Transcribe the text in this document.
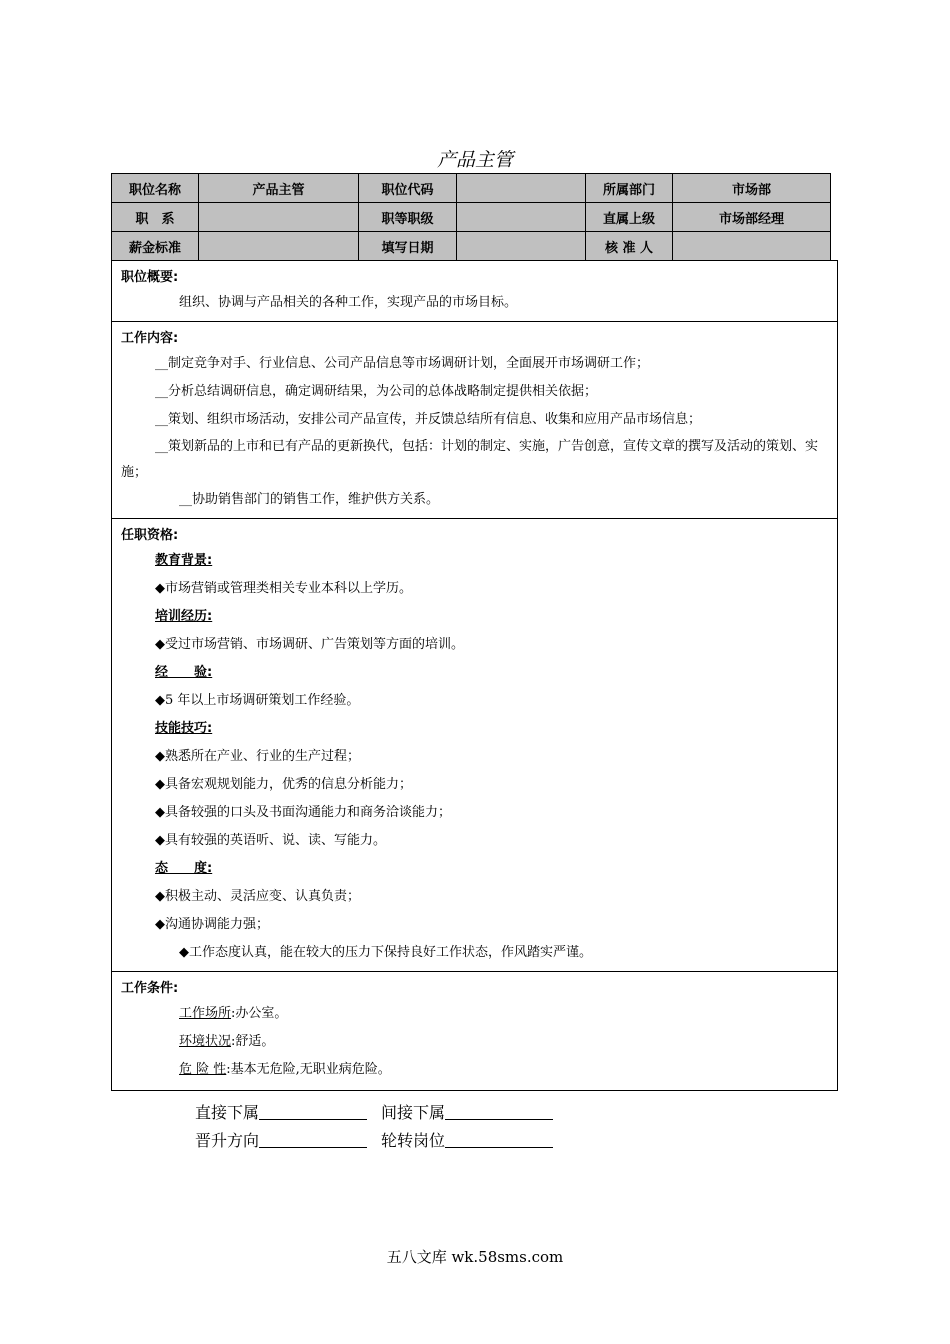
产品主管
职位名称	产品主管	职位代码		所属部门	市场部
职　系		职等职级		直属上级	市场部经理
薪金标准		填写日期		核 准 人	
职位概要:
组织、协调与产品相关的各种工作，实现产品的市场目标。
工作内容:
__制定竞争对手、行业信息、公司产品信息等市场调研计划，全面展开市场调研工作；
__分析总结调研信息，确定调研结果，为公司的总体战略制定提供相关依据；
__策划、组织市场活动，安排公司产品宣传，并反馈总结所有信息、收集和应用产品市场信息；
__策划新品的上市和已有产品的更新换代，包括：计划的制定、实施，广告创意，宣传文章的撰写及活动的策划、实施；
__协助销售部门的销售工作，维护供方关系。
任职资格:
教育背景:
◆市场营销或管理类相关专业本科以上学历。
培训经历:
◆受过市场营销、市场调研、广告策划等方面的培训。
经　　验:
◆5 年以上市场调研策划工作经验。
技能技巧:
◆熟悉所在产业、行业的生产过程；
◆具备宏观规划能力，优秀的信息分析能力；
◆具备较强的口头及书面沟通能力和商务洽谈能力；
◆具有较强的英语听、说、读、写能力。
态　　度:
◆积极主动、灵活应变、认真负责；
◆沟通协调能力强；
◆工作态度认真，能在较大的压力下保持良好工作状态，作风踏实严谨。
工作条件:
工作场所:办公室。
环境状况:舒适。
危 险 性:基本无危险,无职业病危险。
直接下属	间接下属
晋升方向	轮转岗位
五八文库 wk.58sms.com
